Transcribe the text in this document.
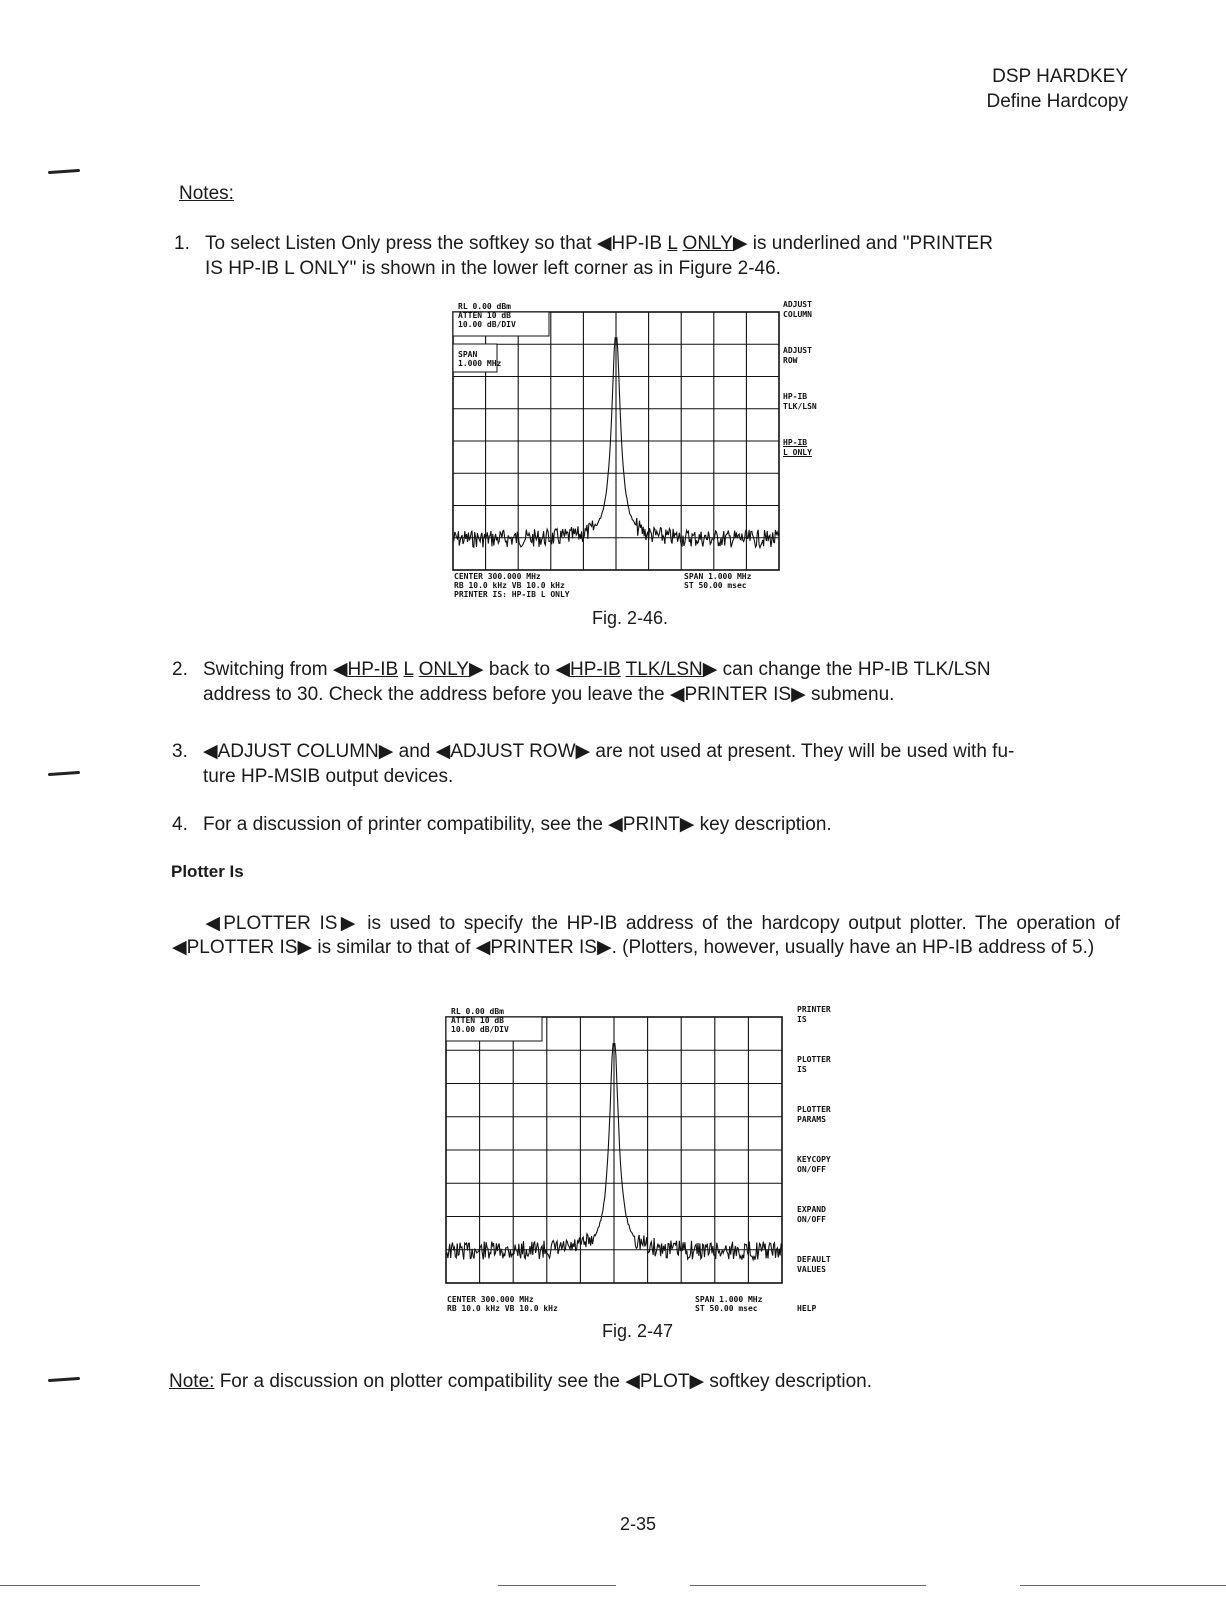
DSP HARDKEY
Define Hardcopy
Notes:
1. To select Listen Only press the softkey so that ◀HP-IB L ONLY▶ is underlined and "PRINTER
IS HP-IB L ONLY" is shown in the lower left corner as in Figure 2-46.
RL 0.00 dBm
ATTEN 10 dB
10.00 dB/DIV
SPAN
1.000 MHz
CENTER 300.000 MHz
RB 10.0 kHz VB 10.0 kHz
PRINTER IS: HP-IB L ONLY
SPAN 1.000 MHz
ST 50.00 msec
ADJUST
COLUMN
ADJUST
ROW
HP-IB
TLK/LSN
HP-IB
L ONLY
Fig. 2-46.
2. Switching from ◀HP-IB L ONLY▶ back to ◀HP-IB TLK/LSN▶ can change the HP-IB TLK/LSN
address to 30. Check the address before you leave the ◀PRINTER IS▶ submenu.
3. ◀ADJUST COLUMN▶ and ◀ADJUST ROW▶ are not used at present. They will be used with fu-
ture HP-MSIB output devices.
4. For a discussion of printer compatibility, see the ◀PRINT▶ key description.
Plotter Is
◀PLOTTER IS▶ is used to specify the HP-IB address of the hardcopy output plotter. The operation of ◀PLOTTER IS▶ is similar to that of ◀PRINTER IS▶. (Plotters, however, usually have an HP-IB address of 5.)
RL 0.00 dBm
ATTEN 10 dB
10.00 dB/DIV
CENTER 300.000 MHz
RB 10.0 kHz VB 10.0 kHz
SPAN 1.000 MHz
ST 50.00 msec	HELP
PRINTER
IS
PLOTTER
IS
PLOTTER
PARAMS
KEYCOPY
ON/OFF
EXPAND
ON/OFF
DEFAULT
VALUES
Fig. 2-47
Note: For a discussion on plotter compatibility see the ◀PLOT▶ softkey description.
2-35
